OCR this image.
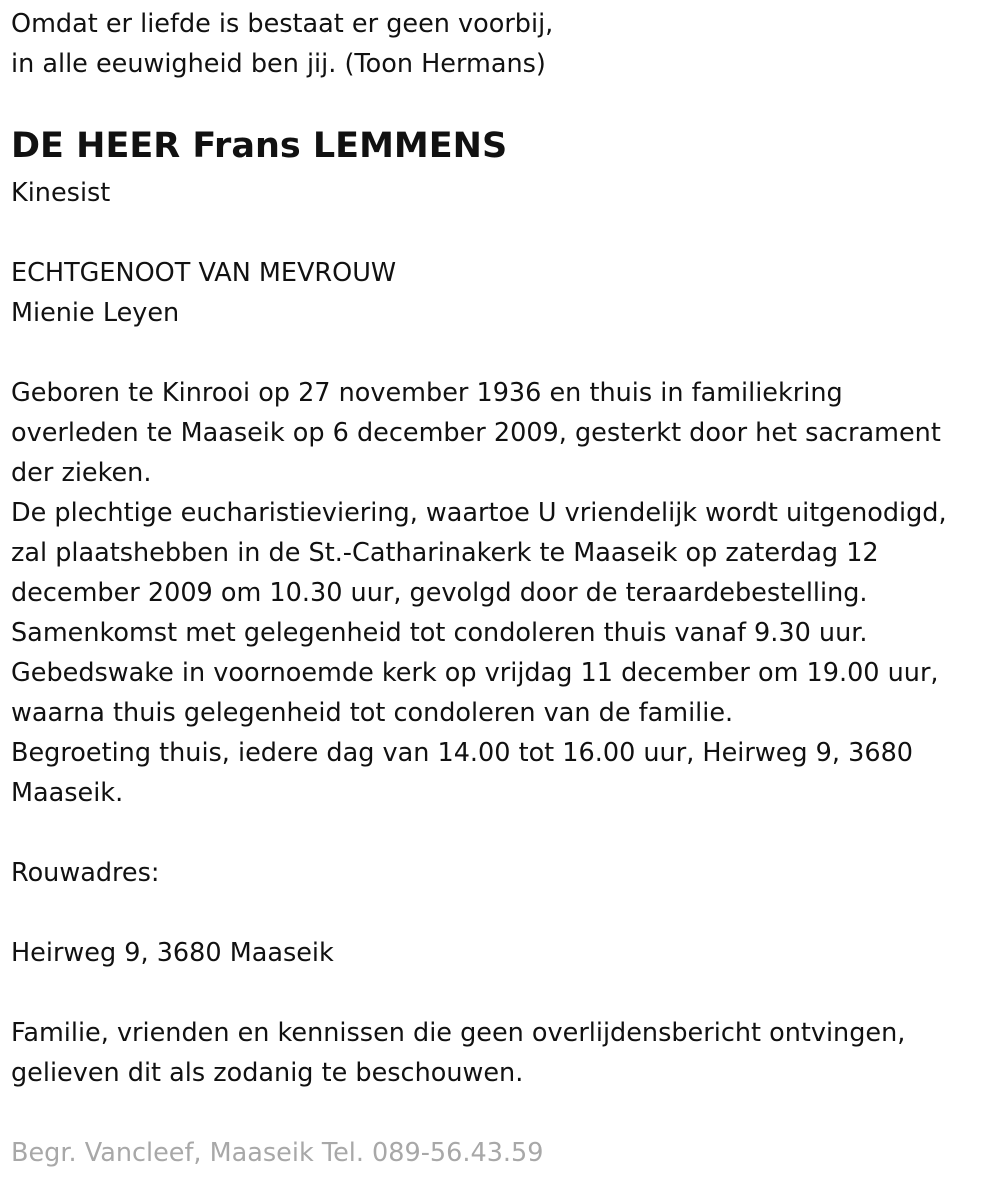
Omdat er liefde is bestaat er geen voorbij,

in alle eeuwigheid ben jij. (Toon Hermans)

DE HEER Frans LEMMENS

Kinesist

ECHTGENOOT VAN MEVROUW

Mienie Leyen

Geboren te Kinrooi op 27 november 1936 en thuis in familiekring

overleden te Maaseik op 6 december 2009, gesterkt door het sacrament

der zieken.

De plechtige eucharistieviering, waartoe U vriendelijk wordt uitgenodigd,

zal plaatshebben in de St.-Catharinakerk te Maaseik op zaterdag 12

december 2009 om 10.30 uur, gevolgd door de teraardebestelling.

Samenkomst met gelegenheid tot condoleren thuis vanaf 9.30 uur.

Gebedswake in voornoemde kerk op vrijdag 11 december om 19.00 uur,

waarna thuis gelegenheid tot condoleren van de familie.

Begroeting thuis, iedere dag van 14.00 tot 16.00 uur, Heirweg 9, 3680

Maaseik.

Rouwadres:

Heirweg 9, 3680 Maaseik

Familie, vrienden en kennissen die geen overlijdensbericht ontvingen,

gelieven dit als zodanig te beschouwen.

Begr. Vancleef, Maaseik Tel. 089-56.43.59
